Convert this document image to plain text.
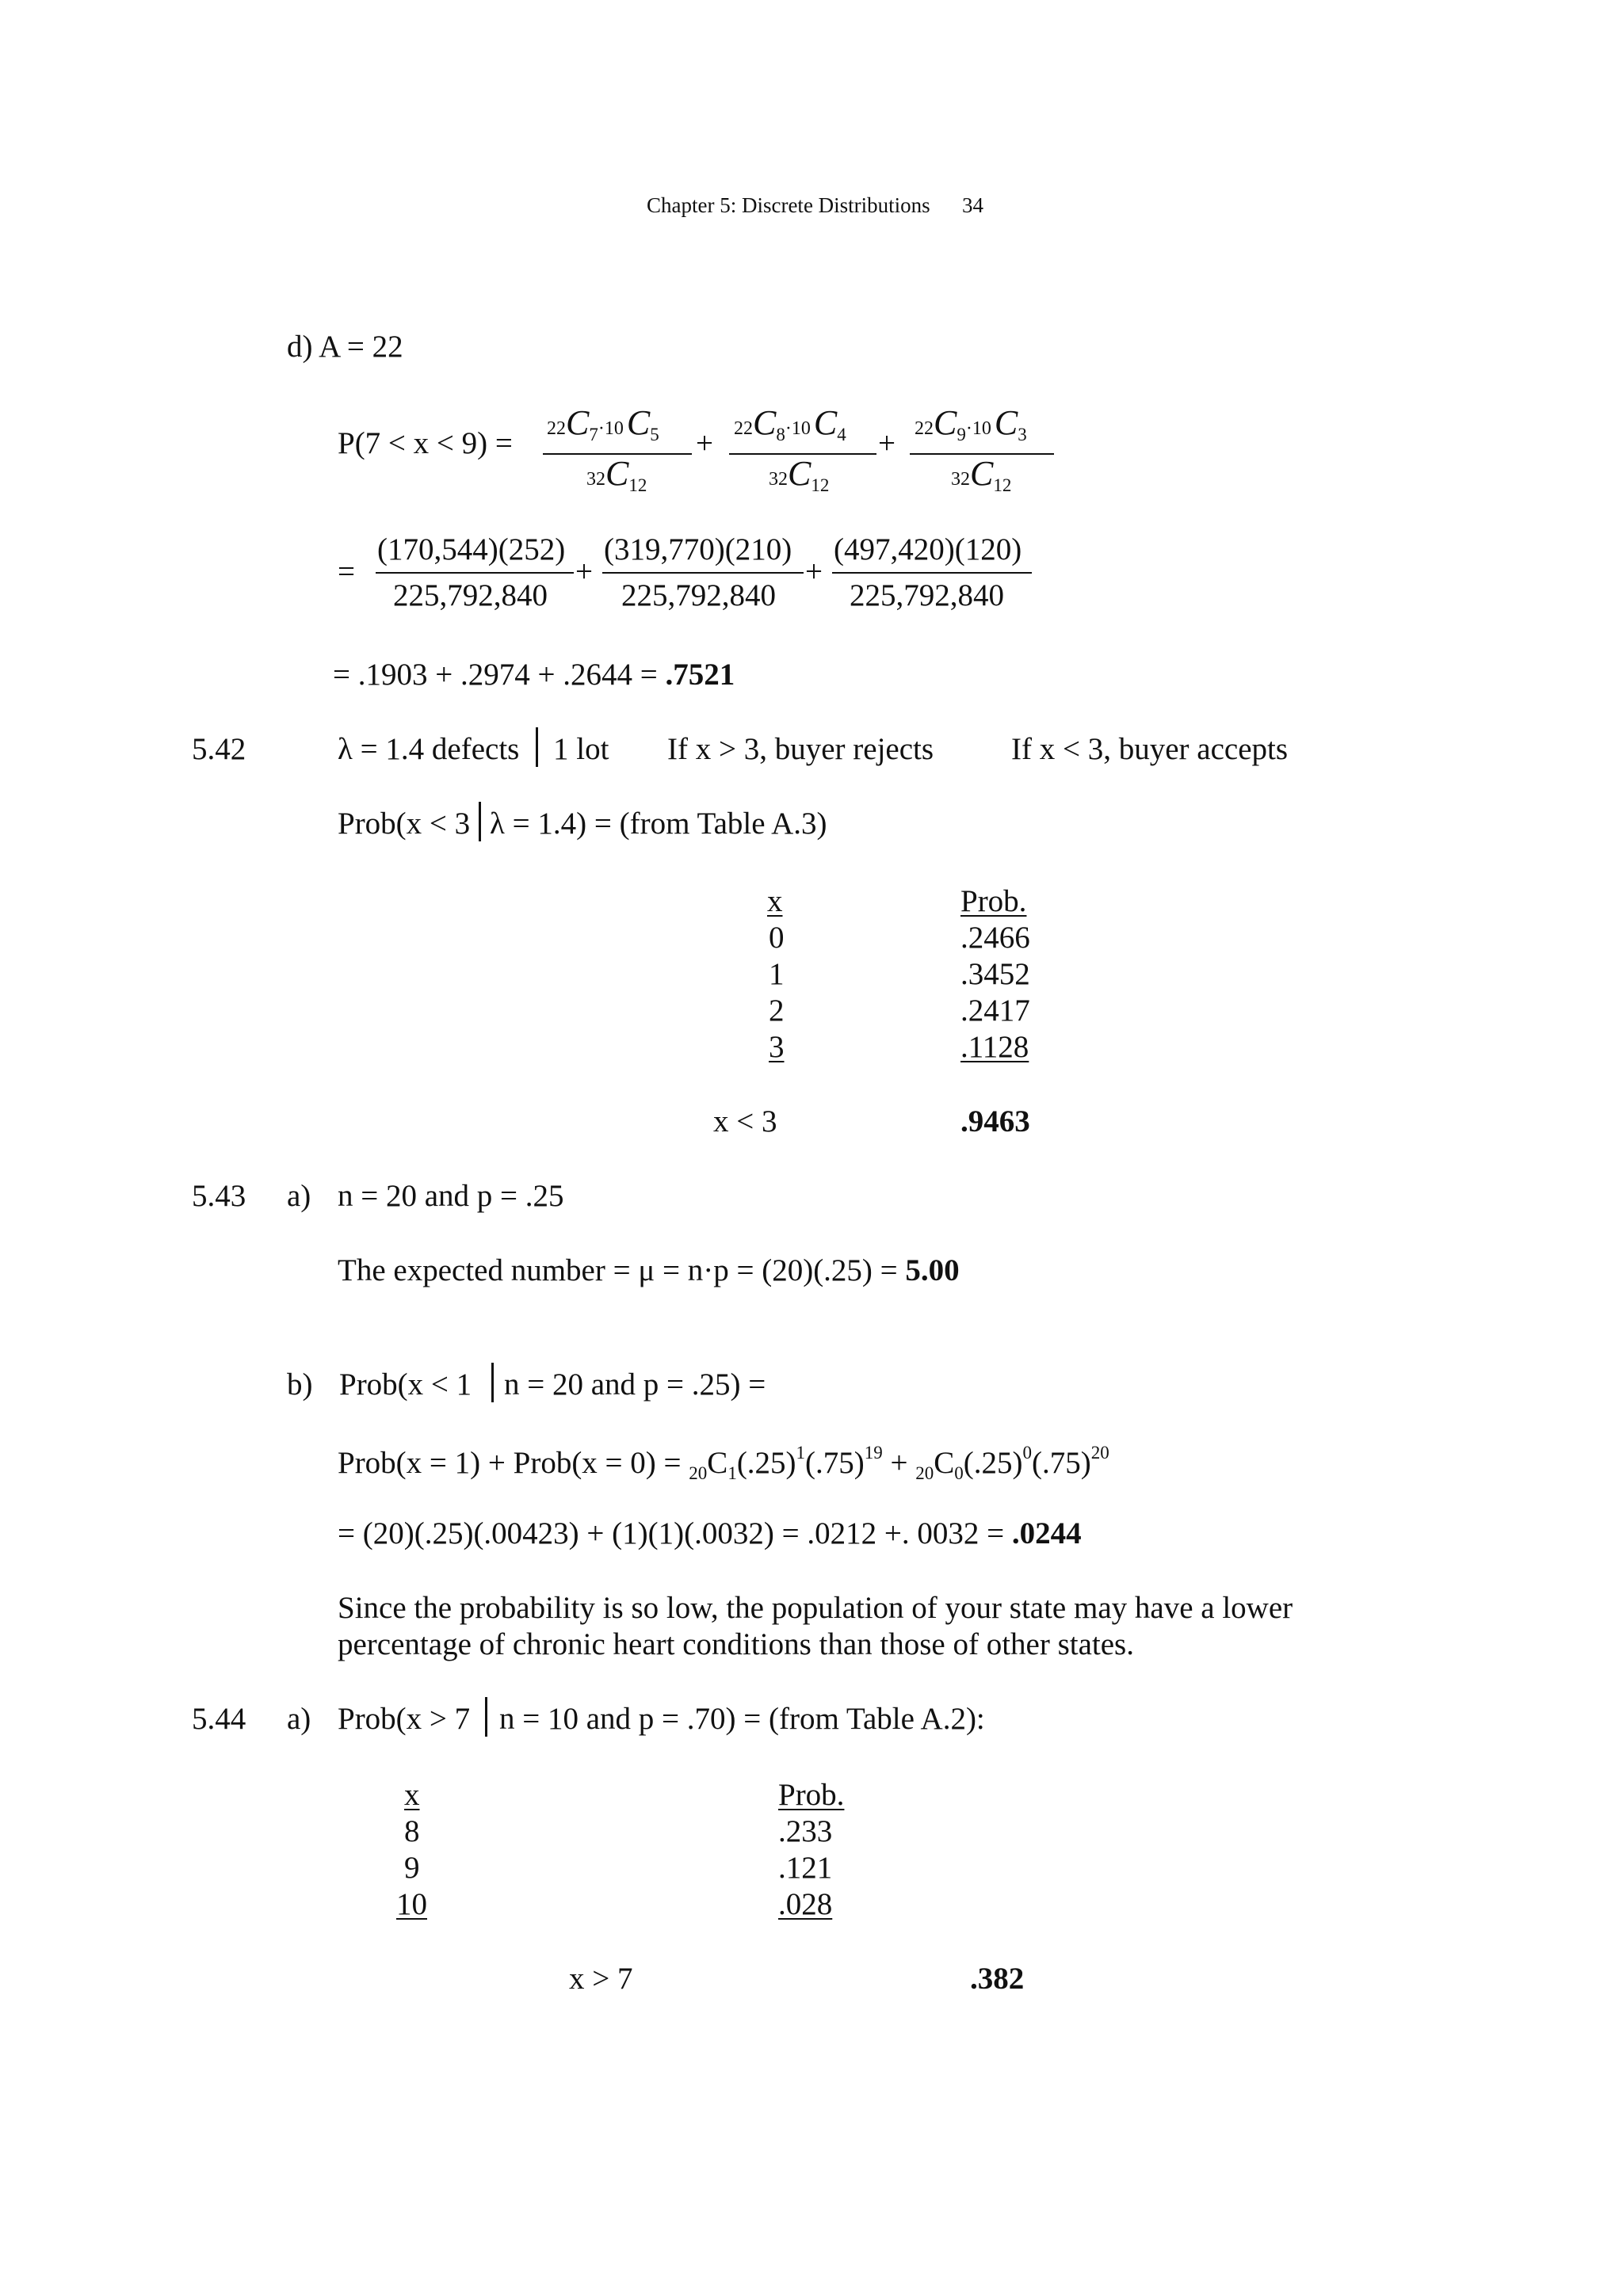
Chapter 5: Discrete Distributions 34
d) A = 22
P(7 < x < 9) = 22C7·10 C5
32C12
+ 22C8·10 C4
32C12
+ 22C9·10 C3
32C12
=
(170,544)(252)
225,792,840
+
(319,770)(210)
225,792,840
+
(497,420)(120)
225,792,840
= .1903 + .2974 + .2644 = .7521
5.42	λ = 1.4 defects 1 lot If x > 3, buyer rejects	If x < 3, buyer accepts
Prob(x < 3 λ = 1.4) = (from Table A.3)
x	Prob.
0	.2466
1	.3452
2	.2417
3	.1128
x < 3	.9463
5.43 a) n = 20 and p = .25
The expected number = μ = n·p = (20)(.25) = 5.00
b) Prob(x < 1 n = 20 and p = .25) =
Prob(x = 1) + Prob(x = $0) = _{20}C_1(.25)^1(.75)^{19} + _{20}C_0(.25)^0(.75)^{20}$
= (20)(.25)(.00423) + (1)(1)(.0032) = .0212 +. 0032 = .0244
Since the probability is so low, the population of your state may have a lower
percentage of chronic heart conditions than those of other states.
5.44 a) Prob(x > 7 n = 10 and p = .70) = (from Table A.2):
x	Prob.
8	.233
9	.121
10	.028
x > 7	.382
